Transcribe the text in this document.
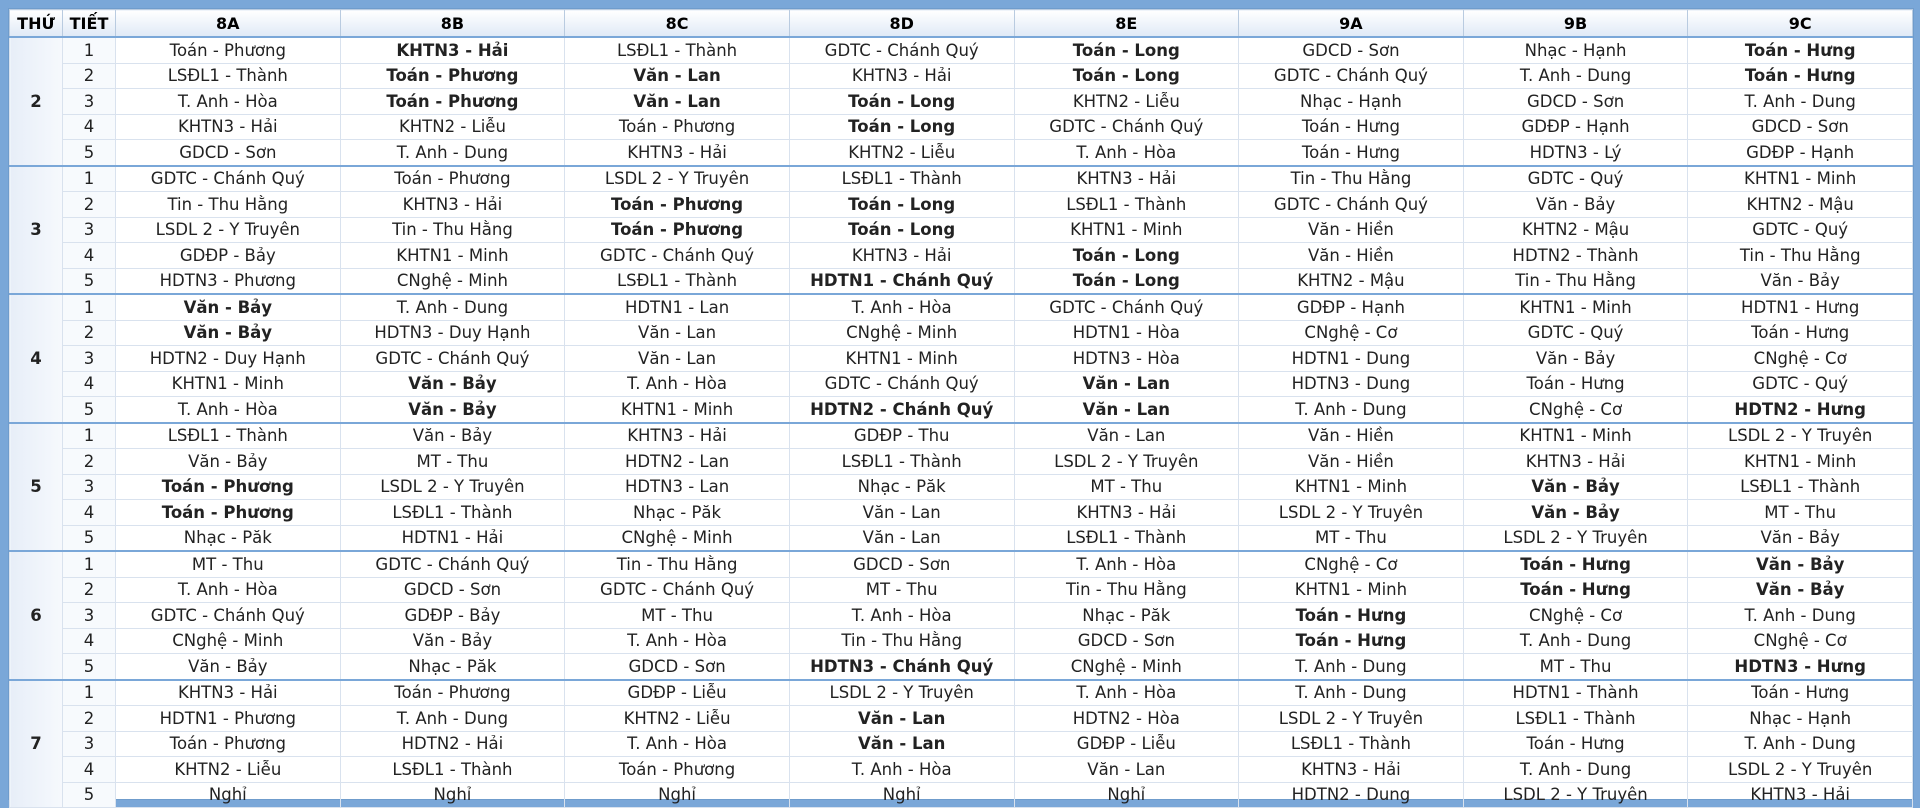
THỨ	TIẾT	8A	8B	8C	8D	8E	9A	9B	9C
2	1	Toán - Phương	KHTN3 - Hải	LSĐL1 - Thành	GDTC - Chánh Quý	Toán - Long	GDCD - Sơn	Nhạc - Hạnh	Toán - Hưng
	2	LSĐL1 - Thành	Toán - Phương	Văn - Lan	KHTN3 - Hải	Toán - Long	GDTC - Chánh Quý	T. Anh - Dung	Toán - Hưng
	3	T. Anh - Hòa	Toán - Phương	Văn - Lan	Toán - Long	KHTN2 - Liễu	Nhạc - Hạnh	GDCD - Sơn	T. Anh - Dung
	4	KHTN3 - Hải	KHTN2 - Liễu	Toán - Phương	Toán - Long	GDTC - Chánh Quý	Toán - Hưng	GDĐP - Hạnh	GDCD - Sơn
	5	GDCD - Sơn	T. Anh - Dung	KHTN3 - Hải	KHTN2 - Liễu	T. Anh - Hòa	Toán - Hưng	HDTN3 - Lý	GDĐP - Hạnh
3	1	GDTC - Chánh Quý	Toán - Phương	LSDL 2 - Y Truyên	LSĐL1 - Thành	KHTN3 - Hải	Tin - Thu Hằng	GDTC - Quý	KHTN1 - Minh
	2	Tin - Thu Hằng	KHTN3 - Hải	Toán - Phương	Toán - Long	LSĐL1 - Thành	GDTC - Chánh Quý	Văn - Bảy	KHTN2 - Mậu
	3	LSDL 2 - Y Truyên	Tin - Thu Hằng	Toán - Phương	Toán - Long	KHTN1 - Minh	Văn - Hiền	KHTN2 - Mậu	GDTC - Quý
	4	GDĐP - Bảy	KHTN1 - Minh	GDTC - Chánh Quý	KHTN3 - Hải	Toán - Long	Văn - Hiền	HDTN2 - Thành	Tin - Thu Hằng
	5	HDTN3 - Phương	CNghệ - Minh	LSĐL1 - Thành	HDTN1 - Chánh Quý	Toán - Long	KHTN2 - Mậu	Tin - Thu Hằng	Văn - Bảy
4	1	Văn - Bảy	T. Anh - Dung	HDTN1 - Lan	T. Anh - Hòa	GDTC - Chánh Quý	GDĐP - Hạnh	KHTN1 - Minh	HDTN1 - Hưng
	2	Văn - Bảy	HDTN3 - Duy Hạnh	Văn - Lan	CNghệ - Minh	HDTN1 - Hòa	CNghệ - Cơ	GDTC - Quý	Toán - Hưng
	3	HDTN2 - Duy Hạnh	GDTC - Chánh Quý	Văn - Lan	KHTN1 - Minh	HDTN3 - Hòa	HDTN1 - Dung	Văn - Bảy	CNghệ - Cơ
	4	KHTN1 - Minh	Văn - Bảy	T. Anh - Hòa	GDTC - Chánh Quý	Văn - Lan	HDTN3 - Dung	Toán - Hưng	GDTC - Quý
	5	T. Anh - Hòa	Văn - Bảy	KHTN1 - Minh	HDTN2 - Chánh Quý	Văn - Lan	T. Anh - Dung	CNghệ - Cơ	HDTN2 - Hưng
5	1	LSĐL1 - Thành	Văn - Bảy	KHTN3 - Hải	GDĐP - Thu	Văn - Lan	Văn - Hiền	KHTN1 - Minh	LSDL 2 - Y Truyên
	2	Văn - Bảy	MT - Thu	HDTN2 - Lan	LSĐL1 - Thành	LSDL 2 - Y Truyên	Văn - Hiền	KHTN3 - Hải	KHTN1 - Minh
	3	Toán - Phương	LSDL 2 - Y Truyên	HDTN3 - Lan	Nhạc - Păk	MT - Thu	KHTN1 - Minh	Văn - Bảy	LSĐL1 - Thành
	4	Toán - Phương	LSĐL1 - Thành	Nhạc - Păk	Văn - Lan	KHTN3 - Hải	LSDL 2 - Y Truyên	Văn - Bảy	MT - Thu
	5	Nhạc - Păk	HDTN1 - Hải	CNghệ - Minh	Văn - Lan	LSĐL1 - Thành	MT - Thu	LSDL 2 - Y Truyên	Văn - Bảy
6	1	MT - Thu	GDTC - Chánh Quý	Tin - Thu Hằng	GDCD - Sơn	T. Anh - Hòa	CNghệ - Cơ	Toán - Hưng	Văn - Bảy
	2	T. Anh - Hòa	GDCD - Sơn	GDTC - Chánh Quý	MT - Thu	Tin - Thu Hằng	KHTN1 - Minh	Toán - Hưng	Văn - Bảy
	3	GDTC - Chánh Quý	GDĐP - Bảy	MT - Thu	T. Anh - Hòa	Nhạc - Păk	Toán - Hưng	CNghệ - Cơ	T. Anh - Dung
	4	CNghệ - Minh	Văn - Bảy	T. Anh - Hòa	Tin - Thu Hằng	GDCD - Sơn	Toán - Hưng	T. Anh - Dung	CNghệ - Cơ
	5	Văn - Bảy	Nhạc - Păk	GDCD - Sơn	HDTN3 - Chánh Quý	CNghệ - Minh	T. Anh - Dung	MT - Thu	HDTN3 - Hưng
7	1	KHTN3 - Hải	Toán - Phương	GDĐP - Liễu	LSDL 2 - Y Truyên	T. Anh - Hòa	T. Anh - Dung	HDTN1 - Thành	Toán - Hưng
	2	HDTN1 - Phương	T. Anh - Dung	KHTN2 - Liễu	Văn - Lan	HDTN2 - Hòa	LSDL 2 - Y Truyên	LSĐL1 - Thành	Nhạc - Hạnh
	3	Toán - Phương	HDTN2 - Hải	T. Anh - Hòa	Văn - Lan	GDĐP - Liễu	LSĐL1 - Thành	Toán - Hưng	T. Anh - Dung
	4	KHTN2 - Liễu	LSĐL1 - Thành	Toán - Phương	T. Anh - Hòa	Văn - Lan	KHTN3 - Hải	T. Anh - Dung	LSDL 2 - Y Truyên
	5	Nghỉ	Nghỉ	Nghỉ	Nghỉ	Nghỉ	HDTN2 - Dung	LSDL 2 - Y Truyên	KHTN3 - Hải
